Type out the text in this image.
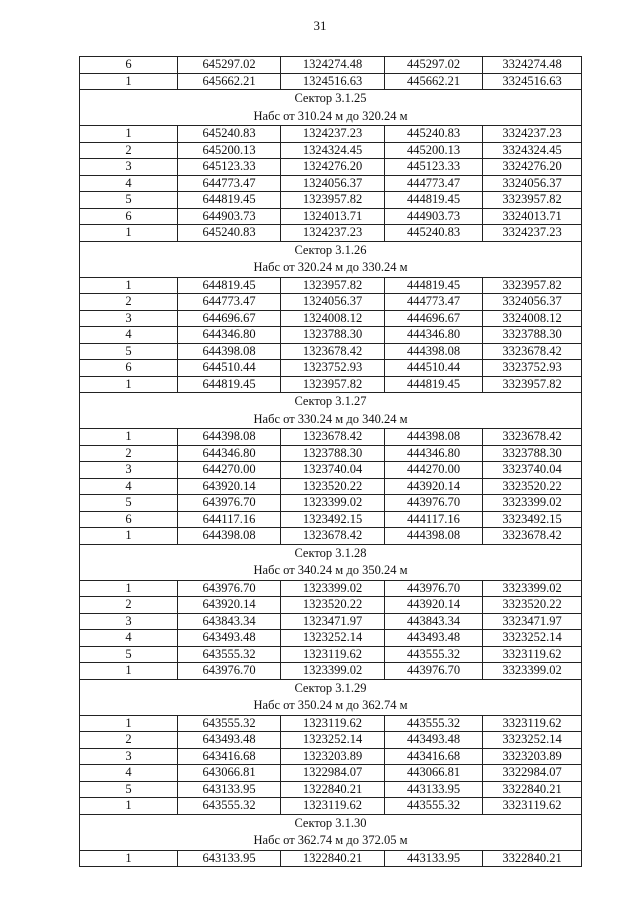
31
6	645297.02	1324274.48	445297.02	3324274.48
1	645662.21	1324516.63	445662.21	3324516.63

Сектор 3.1.25
Набс от 310.24 м до 320.24 м				

1	645240.83	1324237.23	445240.83	3324237.23
2	645200.13	1324324.45	445200.13	3324324.45
3	645123.33	1324276.20	445123.33	3324276.20
4	644773.47	1324056.37	444773.47	3324056.37
5	644819.45	1323957.82	444819.45	3323957.82
6	644903.73	1324013.71	444903.73	3324013.71
1	645240.83	1324237.23	445240.83	3324237.23

Сектор 3.1.26
Набс от 320.24 м до 330.24 м				

1	644819.45	1323957.82	444819.45	3323957.82
2	644773.47	1324056.37	444773.47	3324056.37
3	644696.67	1324008.12	444696.67	3324008.12
4	644346.80	1323788.30	444346.80	3323788.30
5	644398.08	1323678.42	444398.08	3323678.42
6	644510.44	1323752.93	444510.44	3323752.93
1	644819.45	1323957.82	444819.45	3323957.82

Сектор 3.1.27
Набс от 330.24 м до 340.24 м				

1	644398.08	1323678.42	444398.08	3323678.42
2	644346.80	1323788.30	444346.80	3323788.30
3	644270.00	1323740.04	444270.00	3323740.04
4	643920.14	1323520.22	443920.14	3323520.22
5	643976.70	1323399.02	443976.70	3323399.02
6	644117.16	1323492.15	444117.16	3323492.15
1	644398.08	1323678.42	444398.08	3323678.42

Сектор 3.1.28
Набс от 340.24 м до 350.24 м				

1	643976.70	1323399.02	443976.70	3323399.02
2	643920.14	1323520.22	443920.14	3323520.22
3	643843.34	1323471.97	443843.34	3323471.97
4	643493.48	1323252.14	443493.48	3323252.14
5	643555.32	1323119.62	443555.32	3323119.62
1	643976.70	1323399.02	443976.70	3323399.02

Сектор 3.1.29
Набс от 350.24 м до 362.74 м				

1	643555.32	1323119.62	443555.32	3323119.62
2	643493.48	1323252.14	443493.48	3323252.14
3	643416.68	1323203.89	443416.68	3323203.89
4	643066.81	1322984.07	443066.81	3322984.07
5	643133.95	1322840.21	443133.95	3322840.21
1	643555.32	1323119.62	443555.32	3323119.62

Сектор 3.1.30
Набс от 362.74 м до 372.05 м				

1	643133.95	1322840.21	443133.95	3322840.21
